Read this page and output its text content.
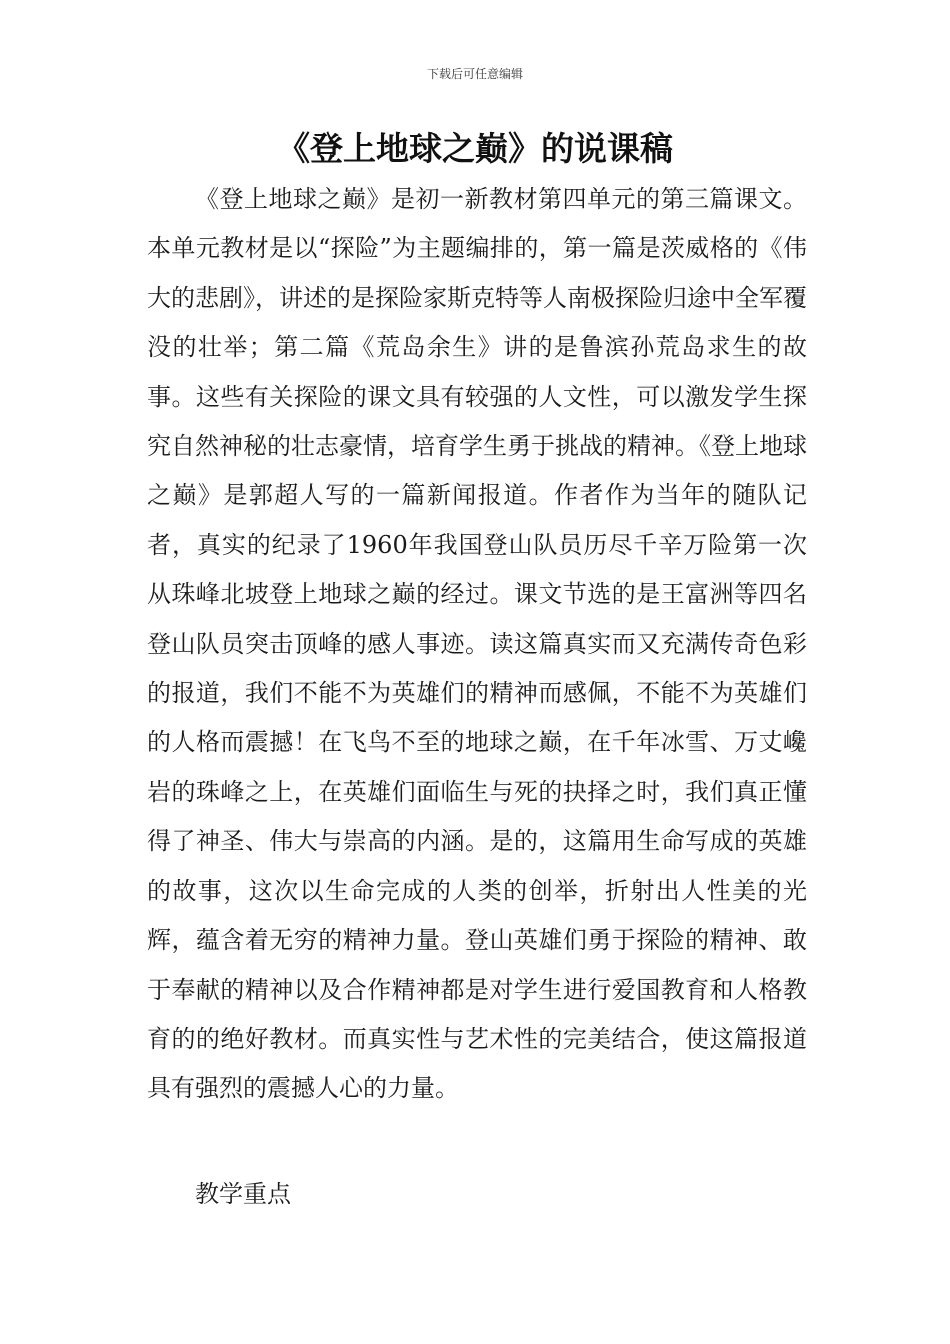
下载后可任意编辑
《登上地球之巅》的说课稿

《登上地球之巅》是初一新教材第四单元的第三篇课文。本单元教材是以“探险”为主题编排的，第一篇是茨威格的《伟大的悲剧》，讲述的是探险家斯克特等人南极探险归途中全军覆没的壮举；第二篇《荒岛余生》讲的是鲁滨孙荒岛求生的故事。这些有关探险的课文具有较强的人文性，可以激发学生探究自然神秘的壮志豪情，培育学生勇于挑战的精神。《登上地球之巅》是郭超人写的一篇新闻报道。作者作为当年的随队记者，真实的纪录了1960年我国登山队员历尽千辛万险第一次从珠峰北坡登上地球之巅的经过。课文节选的是王富洲等四名登山队员突击顶峰的感人事迹。读这篇真实而又充满传奇色彩的报道，我们不能不为英雄们的精神而感佩，不能不为英雄们的人格而震撼！在飞鸟不至的地球之巅，在千年冰雪、万丈巉岩的珠峰之上，在英雄们面临生与死的抉择之时，我们真正懂得了神圣、伟大与崇高的内涵。是的，这篇用生命写成的英雄的故事，这次以生命完成的人类的创举，折射出人性美的光辉，蕴含着无穷的精神力量。登山英雄们勇于探险的精神、敢于奉献的精神以及合作精神都是对学生进行爱国教育和人格教育的的绝好教材。而真实性与艺术性的完美结合，使这篇报道具有强烈的震撼人心的力量。

教学重点
